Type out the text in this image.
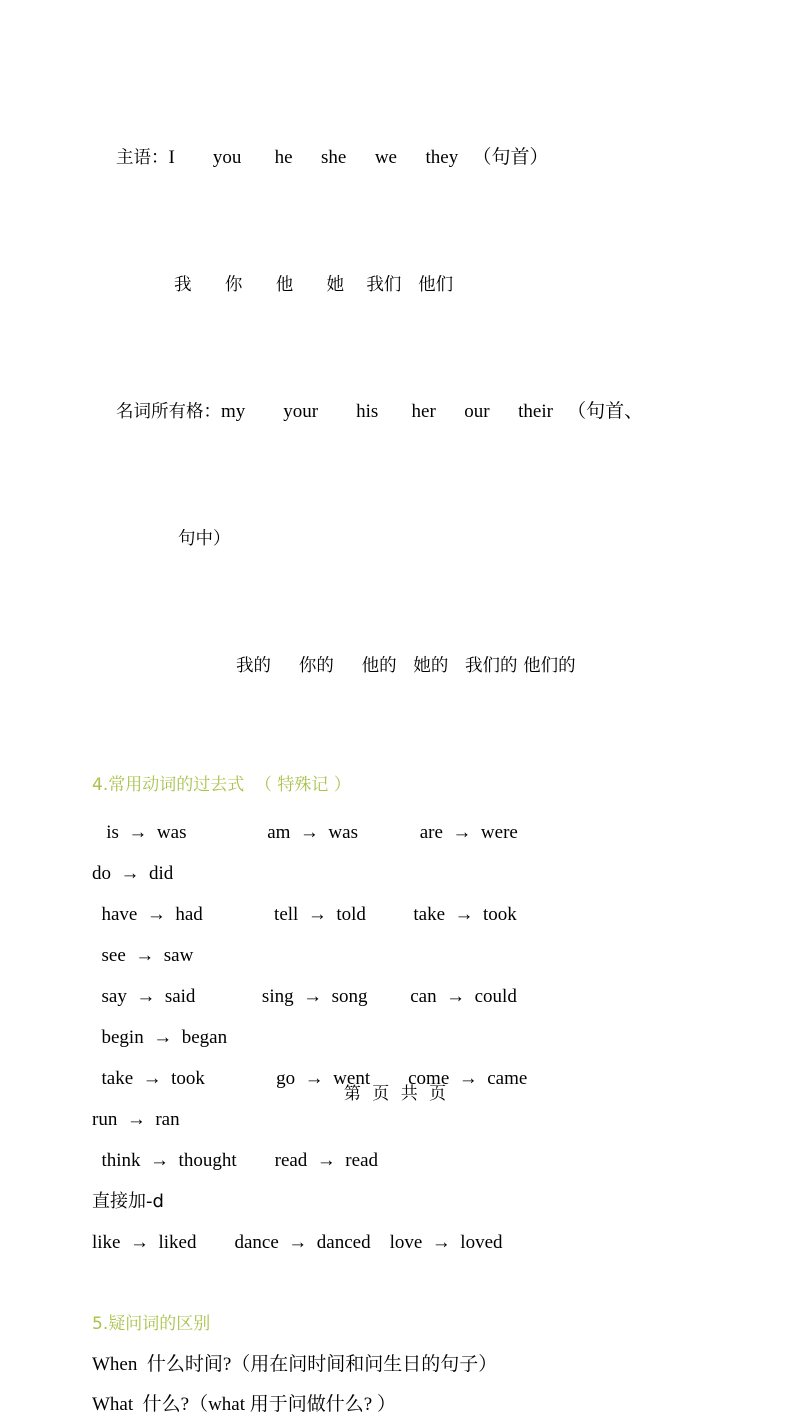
主语：I        you       he      she      we      they   （句首）

我      你      他      她    我们   他们

名词所有格：my        your        his       her      our      their   （句首、

句中）

我的     你的     他的   她的   我们的 他们的

4.常用动词的过去式  （ 特殊记 ）
is  →  was                 am  →  was             are  →  were
do  →  did
have  →  had               tell  →  told          take  →  took
see  →  saw
say  →  said              sing  →  song         can  →  could
begin  →  began
take  →  took               go  →  went        come  →  came
run  →  ran
think  →  thought        read  →  read
直接加-d
like  →  liked        dance  →  danced    love  →  loved
5.疑问词的区别
When  什么时间?（用在问时间和问生日的句子）
What  什么?（what 用于问做什么? ）
第 页 共 页
